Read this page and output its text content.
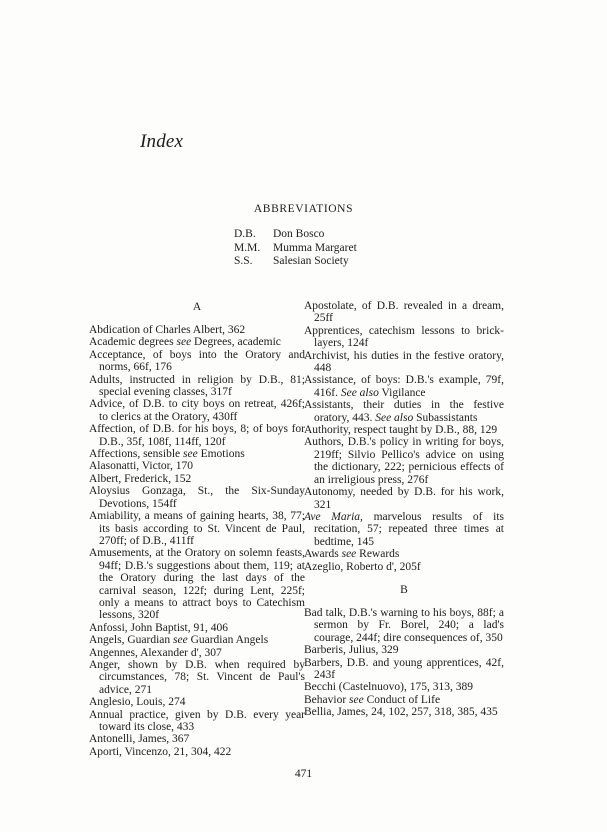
Index
ABBREVIATIONS
D.B. Don Bosco
M.M. Mumma Margaret
S.S. Salesian Society
A

Abdication of Charles Albert, 362

Academic degrees see Degrees, academic

Acceptance, of boys into the Oratory and norms, 66f, 176

Adults, instructed in religion by D.B., 81; special evening classes, 317f

Advice, of D.B. to city boys on retreat, 426f; to clerics at the Oratory, 430ff

Affection, of D.B. for his boys, 8; of boys for D.B., 35f, 108f, 114ff, 120f

Affections, sensible see Emotions

Alasonatti, Victor, 170

Albert, Frederick, 152

Aloysius Gonzaga, St., the Six-Sunday Devotions, 154ff

Amiability, a means of gaining hearts, 38, 77; its basis according to St. Vincent de Paul, 270ff; of D.B., 411ff

Amusements, at the Oratory on solemn feasts, 94ff; D.B.'s suggestions about them, 119; at the Oratory during the last days of the carnival season, 122f; during Lent, 225f; only a means to attract boys to Catechism lessons, 320f

Anfossi, John Baptist, 91, 406

Angels, Guardian see Guardian Angels

Angennes, Alexander d', 307

Anger, shown by D.B. when required by circumstances, 78; St. Vincent de Paul's advice, 271

Anglesio, Louis, 274

Annual practice, given by D.B. every year toward its close, 433

Antonelli, James, 367

Aporti, Vincenzo, 21, 304, 422

Apostolate, of D.B. revealed in a dream, 25ff

Apprentices, catechism lessons to brick-layers, 124f

Archivist, his duties in the festive oratory, 448

Assistance, of boys: D.B.'s example, 79f, 416f. See also Vigilance

Assistants, their duties in the festive oratory, 443. See also Subassistants

Authority, respect taught by D.B., 88, 129

Authors, D.B.'s policy in writing for boys, 219ff; Silvio Pellico's advice on using the dictionary, 222; pernicious effects of an irreligious press, 276f

Autonomy, needed by D.B. for his work, 321

Ave Maria, marvelous results of its recitation, 57; repeated three times at bedtime, 145

Awards see Rewards

Azeglio, Roberto d', 205f

B

Bad talk, D.B.'s warning to his boys, 88f; a sermon by Fr. Borel, 240; a lad's courage, 244f; dire consequences of, 350

Barberis, Julius, 329

Barbers, D.B. and young apprentices, 42f, 243f

Becchi (Castelnuovo), 175, 313, 389

Behavior see Conduct of Life

Bellia, James, 24, 102, 257, 318, 385, 435

471
